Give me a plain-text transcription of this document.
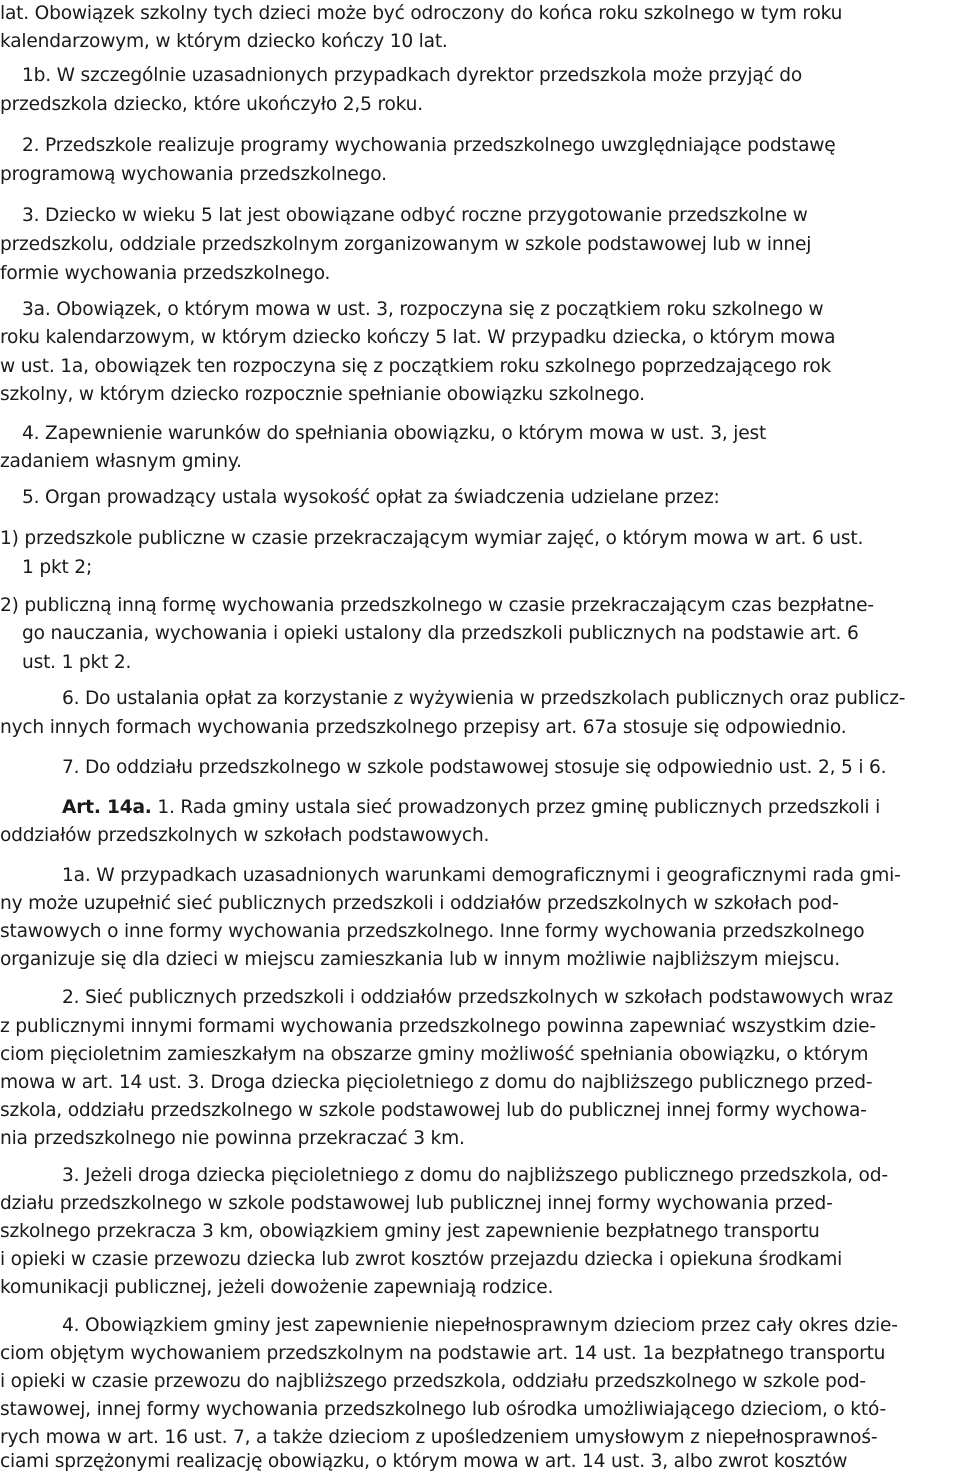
lat. Obowiązek szkolny tych dzieci może być odroczony do końca roku szkolnego w tym roku
kalendarzowym, w którym dziecko kończy 10 lat.
1b. W szczególnie uzasadnionych przypadkach dyrektor przedszkola może przyjąć do
przedszkola dziecko, które ukończyło 2,5 roku.
2. Przedszkole realizuje programy wychowania przedszkolnego uwzględniające podstawę
programową wychowania przedszkolnego.
3. Dziecko w wieku 5 lat jest obowiązane odbyć roczne przygotowanie przedszkolne w
przedszkolu, oddziale przedszkolnym zorganizowanym w szkole podstawowej lub w innej
formie wychowania przedszkolnego.
3a. Obowiązek, o którym mowa w ust. 3, rozpoczyna się z początkiem roku szkolnego w
roku kalendarzowym, w którym dziecko kończy 5 lat. W przypadku dziecka, o którym mowa
w ust. 1a, obowiązek ten rozpoczyna się z początkiem roku szkolnego poprzedzającego rok
szkolny, w którym dziecko rozpocznie spełnianie obowiązku szkolnego.
4. Zapewnienie warunków do spełniania obowiązku, o którym mowa w ust. 3, jest
zadaniem własnym gminy.
5. Organ prowadzący ustala wysokość opłat za świadczenia udzielane przez:
1) przedszkole publiczne w czasie przekraczającym wymiar zajęć, o którym mowa w art. 6 ust.
1 pkt 2;
2) publiczną inną formę wychowania przedszkolnego w czasie przekraczającym czas bezpłatne-
go nauczania, wychowania i opieki ustalony dla przedszkoli publicznych na podstawie art. 6
ust. 1 pkt 2.
6. Do ustalania opłat za korzystanie z wyżywienia w przedszkolach publicznych oraz publicz-
nych innych formach wychowania przedszkolnego przepisy art. 67a stosuje się odpowiednio.
7. Do oddziału przedszkolnego w szkole podstawowej stosuje się odpowiednio ust. 2, 5 i 6.
Art. 14a. 1. Rada gminy ustala sieć prowadzonych przez gminę publicznych przedszkoli i
oddziałów przedszkolnych w szkołach podstawowych.
1a. W przypadkach uzasadnionych warunkami demograficznymi i geograficznymi rada gmi-
ny może uzupełnić sieć publicznych przedszkoli i oddziałów przedszkolnych w szkołach pod-
stawowych o inne formy wychowania przedszkolnego. Inne formy wychowania przedszkolnego
organizuje się dla dzieci w miejscu zamieszkania lub w innym możliwie najbliższym miejscu.
2. Sieć publicznych przedszkoli i oddziałów przedszkolnych w szkołach podstawowych wraz
z publicznymi innymi formami wychowania przedszkolnego powinna zapewniać wszystkim dzie-
ciom pięcioletnim zamieszkałym na obszarze gminy możliwość spełniania obowiązku, o którym
mowa w art. 14 ust. 3. Droga dziecka pięcioletniego z domu do najbliższego publicznego przed-
szkola, oddziału przedszkolnego w szkole podstawowej lub do publicznej innej formy wychowa-
nia przedszkolnego nie powinna przekraczać 3 km.
3. Jeżeli droga dziecka pięcioletniego z domu do najbliższego publicznego przedszkola, od-
działu przedszkolnego w szkole podstawowej lub publicznej innej formy wychowania przed-
szkolnego przekracza 3 km, obowiązkiem gminy jest zapewnienie bezpłatnego transportu
i opieki w czasie przewozu dziecka lub zwrot kosztów przejazdu dziecka i opiekuna środkami
komunikacji publicznej, jeżeli dowożenie zapewniają rodzice.
4. Obowiązkiem gminy jest zapewnienie niepełnosprawnym dzieciom przez cały okres dzie-
ciom objętym wychowaniem przedszkolnym na podstawie art. 14 ust. 1a bezpłatnego transportu
i opieki w czasie przewozu do najbliższego przedszkola, oddziału przedszkolnego w szkole pod-
stawowej, innej formy wychowania przedszkolnego lub ośrodka umożliwiającego dzieciom, o któ-
rych mowa w art. 16 ust. 7, a także dzieciom z upośledzeniem umysłowym z niepełnosprawnoś-
ciami sprzężonymi realizację obowiązku, o którym mowa w art. 14 ust. 3, albo zwrot kosztów
